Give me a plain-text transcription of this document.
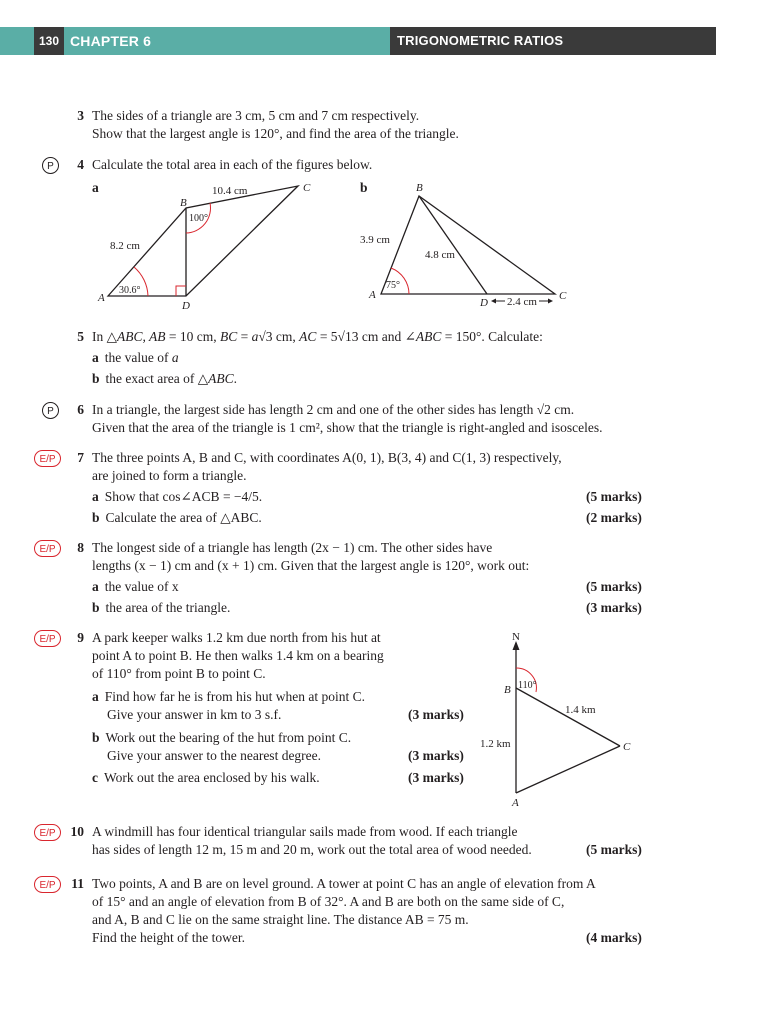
130 CHAPTER 6	TRIGONOMETRIC RATIOS
3 The sides of a triangle are 3 cm, 5 cm and 7 cm respectively.
Show that the largest angle is 120°, and find the area of the triangle.
P	4 Calculate the total area in each of the figures below.
a	b
10.4 cm
8.2 cm
100°
30.6°
A
B
C
D
3.9 cm
4.8 cm
2.4 cm
75°
A
B
C
D
5 In △ABC, AB = 10 cm, BC = a√3 cm, AC = 5√13 cm and ∠ABC = 150°. Calculate:
a the value of a
b the exact area of △ABC.
P	6 In a triangle, the largest side has length 2 cm and one of the other sides has length √2 cm.
Given that the area of the triangle is 1 cm², show that the triangle is right-angled and isosceles.
E/P	7 The three points A, B and C, with coordinates A(0, 1), B(3, 4) and C(1, 3) respectively,
are joined to form a triangle.
a Show that cos∠ACB = −4/5.	(5 marks)
b Calculate the area of △ABC.	(2 marks)
E/P	8 The longest side of a triangle has length (2x − 1) cm. The other sides have
lengths (x − 1) cm and (x + 1) cm. Given that the largest angle is 120°, work out:
a the value of x	(5 marks)
b the area of the triangle.	(3 marks)
E/P	9 A park keeper walks 1.2 km due north from his hut at
point A to point B. He then walks 1.4 km on a bearing
of 110° from point B to point C.
a Find how far he is from his hut when at point C.
Give your answer in km to 3 s.f.	(3 marks)
b Work out the bearing of the hut from point C.
Give your answer to the nearest degree.	(3 marks)
c Work out the area enclosed by his walk.	(3 marks)
N
110°
1.4 km
1.2 km
B
C
A
E/P	10 A windmill has four identical triangular sails made from wood. If each triangle
has sides of length 12 m, 15 m and 20 m, work out the total area of wood needed.	(5 marks)
E/P	11 Two points, A and B are on level ground. A tower at point C has an angle of elevation from A
of 15° and an angle of elevation from B of 32°. A and B are both on the same side of C,
and A, B and C lie on the same straight line. The distance AB = 75 m.
Find the height of the tower.	(4 marks)
